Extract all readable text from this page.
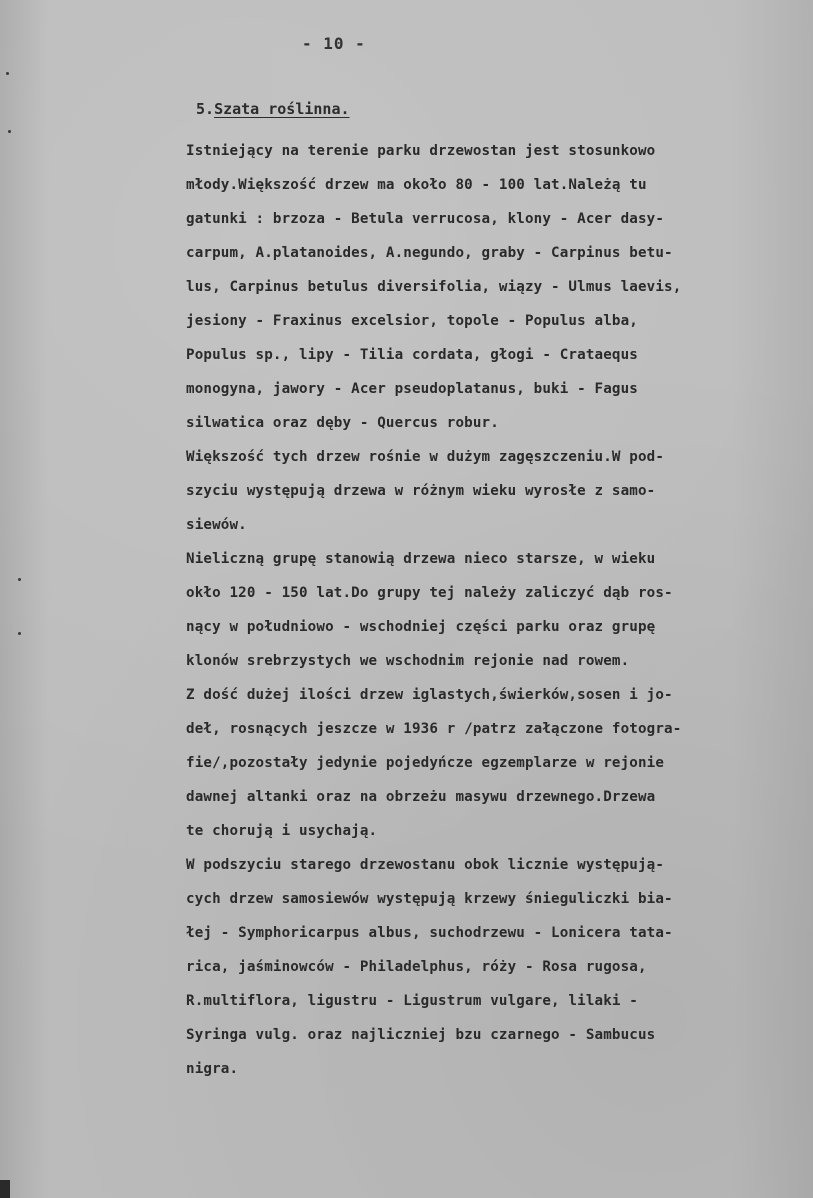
- 10 -
5.Szata roślinna.
Istniejący na terenie parku drzewostan jest stosunkowo
młody.Większość drzew ma około 80 - 100 lat.Należą tu
gatunki : brzoza - Betula verrucosa, klony - Acer dasy-
carpum, A.platanoides, A.negundo, graby - Carpinus betu-
lus, Carpinus betulus diversifolia, wiązy - Ulmus laevis,
jesiony - Fraxinus excelsior, topole - Populus alba,
Populus sp., lipy - Tilia cordata, głogi - Crataequs
monogyna, jawory - Acer pseudoplatanus, buki - Fagus
silwatica oraz dęby - Quercus robur.
Większość tych drzew rośnie w dużym zagęszczeniu.W pod-
szyciu występują drzewa w różnym wieku wyrosłe z samo-
siewów.
Nieliczną grupę stanowią drzewa nieco starsze, w wieku
okło 120 - 150 lat.Do grupy tej należy zaliczyć dąb ros-
nący w południowo - wschodniej części parku oraz grupę
klonów srebrzystych we wschodnim rejonie nad rowem.
Z dość dużej ilości drzew iglastych,świerków,sosen i jo-
deł, rosnących jeszcze w 1936 r /patrz załączone fotogra-
fie/,pozostały jedynie pojedyńcze egzemplarze w rejonie
dawnej altanki oraz na obrzeżu masywu drzewnego.Drzewa
te chorują i usychają.
W podszyciu starego drzewostanu obok licznie występują-
cych drzew samosiewów występują krzewy śnieguliczki bia-
łej - Symphoricarpus albus, suchodrzewu - Lonicera tata-
rica, jaśminowców - Philadelphus, róży - Rosa rugosa,
R.multiflora, ligustru - Ligustrum vulgare, lilaki -
Syringa vulg. oraz najliczniej bzu czarnego - Sambucus
nigra.
